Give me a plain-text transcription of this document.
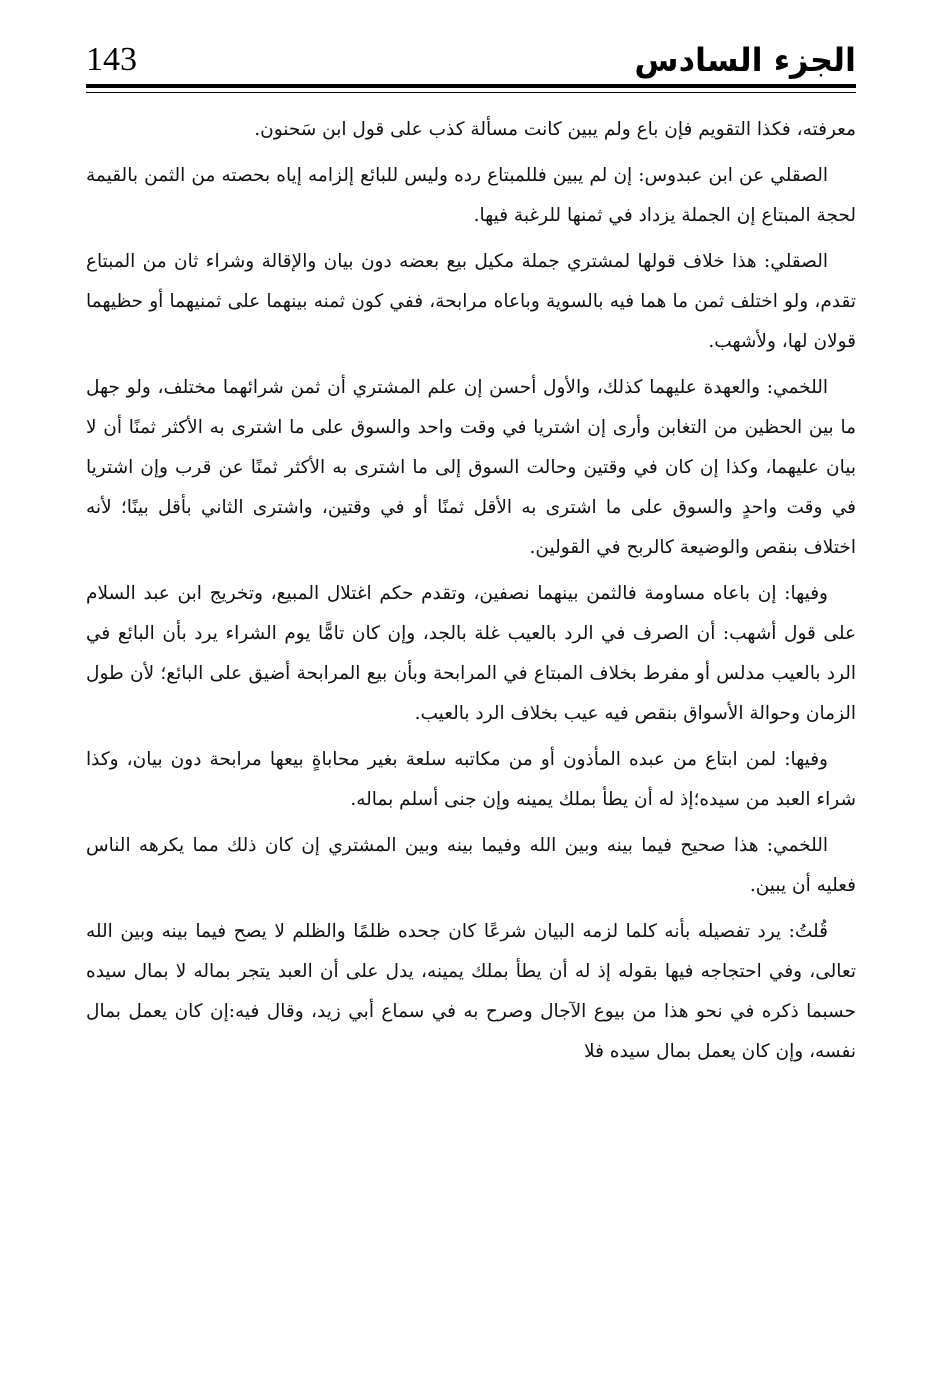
الجزء السادس
143

معرفته، فكذا التقويم فإن باع ولم يبين كانت مسألة كذب على قول ابن سَحنون.

الصقلي عن ابن عبدوس: إن لم يبين فللمبتاع رده وليس للبائع إلزامه إياه بحصته من الثمن بالقيمة لحجة المبتاع إن الجملة يزداد في ثمنها للرغبة فيها.

الصقلي: هذا خلاف قولها لمشتري جملة مكيل بيع بعضه دون بيان والإقالة وشراء ثان من المبتاع تقدم، ولو اختلف ثمن ما هما فيه بالسوية وباعاه مرابحة، ففي كون ثمنه بينهما على ثمنيهما أو حظيهما قولان لها، ولأشهب.

اللخمي: والعهدة عليهما كذلك، والأول أحسن إن علم المشتري أن ثمن شرائهما مختلف، ولو جهل ما بين الحظين من التغابن وأرى إن اشتريا في وقت واحد والسوق على ما اشترى به الأكثر ثمنًا أن لا بيان عليهما، وكذا إن كان في وقتين وحالت السوق إلى ما اشترى به الأكثر ثمنًا عن قرب وإن اشتريا في وقت واحدٍ والسوق على ما اشترى به الأقل ثمنًا أو في وقتين، واشترى الثاني بأقل بينًا؛ لأنه اختلاف بنقص والوضيعة كالربح في القولين.

وفيها: إن باعاه مساومة فالثمن بينهما نصفين، وتقدم حكم اغتلال المبيع، وتخريج ابن عبد السلام على قول أشهب: أن الصرف في الرد بالعيب غلة بالجد، وإن كان تامًّا يوم الشراء يرد بأن البائع في الرد بالعيب مدلس أو مفرط بخلاف المبتاع في المرابحة وبأن بيع المرابحة أضيق على البائع؛ لأن طول الزمان وحوالة الأسواق بنقص فيه عيب بخلاف الرد بالعيب.

وفيها: لمن ابتاع من عبده المأذون أو من مكاتبه سلعة بغير محاباةٍ بيعها مرابحة دون بيان، وكذا شراء العبد من سيده؛إذ له أن يطأ بملك يمينه وإن جنى أسلم بماله.

اللخمي: هذا صحيح فيما بينه وبين الله وفيما بينه وبين المشتري إن كان ذلك مما يكرهه الناس فعليه أن يبين.

قُلتُ: يرد تفصيله بأنه كلما لزمه البيان شرعًا كان جحده ظلمًا والظلم لا يصح فيما بينه وبين الله تعالى، وفي احتجاجه فيها بقوله إذ له أن يطأ بملك يمينه، يدل على أن العبد يتجر بماله لا بمال سيده حسبما ذكره في نحو هذا من بيوع الآجال وصرح به في سماع أبي زيد، وقال فيه:إن كان يعمل بمال نفسه، وإن كان يعمل بمال سيده فلا
